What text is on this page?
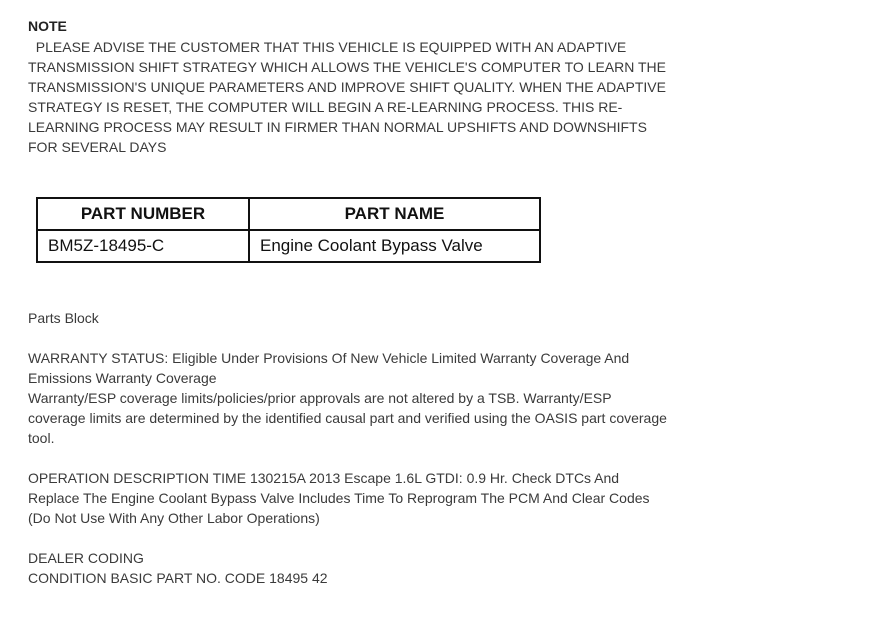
NOTE

PLEASE ADVISE THE CUSTOMER THAT THIS VEHICLE IS EQUIPPED WITH AN ADAPTIVE TRANSMISSION SHIFT STRATEGY WHICH ALLOWS THE VEHICLE'S COMPUTER TO LEARN THE TRANSMISSION'S UNIQUE PARAMETERS AND IMPROVE SHIFT QUALITY. WHEN THE ADAPTIVE STRATEGY IS RESET, THE COMPUTER WILL BEGIN A RE-LEARNING PROCESS. THIS RE-LEARNING PROCESS MAY RESULT IN FIRMER THAN NORMAL UPSHIFTS AND DOWNSHIFTS FOR SEVERAL DAYS

PART NUMBER	PART NAME
BM5Z-18495-C	Engine Coolant Bypass Valve

Parts Block

WARRANTY STATUS: Eligible Under Provisions Of New Vehicle Limited Warranty Coverage And Emissions Warranty Coverage

Warranty/ESP coverage limits/policies/prior approvals are not altered by a TSB. Warranty/ESP coverage limits are determined by the identified causal part and verified using the OASIS part coverage tool.

OPERATION DESCRIPTION TIME 130215A 2013 Escape 1.6L GTDI: 0.9 Hr. Check DTCs And Replace The Engine Coolant Bypass Valve Includes Time To Reprogram The PCM And Clear Codes (Do Not Use With Any Other Labor Operations)

DEALER CODING

CONDITION BASIC PART NO. CODE 18495 42
